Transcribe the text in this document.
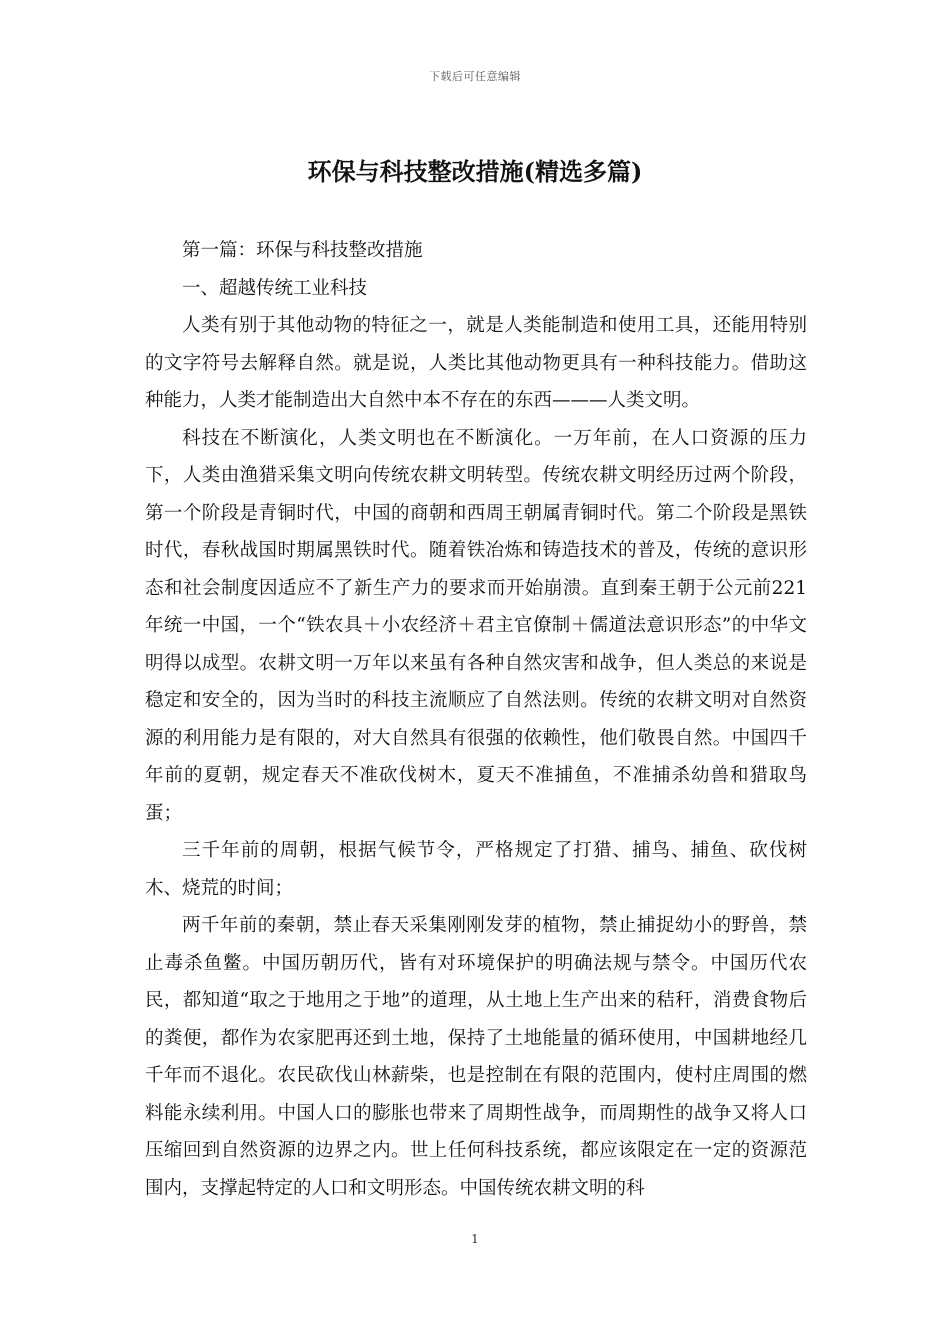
下载后可任意编辑
环保与科技整改措施(精选多篇)

第一篇：环保与科技整改措施

一、超越传统工业科技

人类有别于其他动物的特征之一，就是人类能制造和使用工具，还能用特别的文字符号去解释自然。就是说，人类比其他动物更具有一种科技能力。借助这种能力，人类才能制造出大自然中本不存在的东西———人类文明。

科技在不断演化，人类文明也在不断演化。一万年前，在人口资源的压力下，人类由渔猎采集文明向传统农耕文明转型。传统农耕文明经历过两个阶段，第一个阶段是青铜时代，中国的商朝和西周王朝属青铜时代。第二个阶段是黑铁时代，春秋战国时期属黑铁时代。随着铁冶炼和铸造技术的普及，传统的意识形态和社会制度因适应不了新生产力的要求而开始崩溃。直到秦王朝于公元前221年统一中国，一个“铁农具＋小农经济＋君主官僚制＋儒道法意识形态”的中华文明得以成型。农耕文明一万年以来虽有各种自然灾害和战争，但人类总的来说是稳定和安全的，因为当时的科技主流顺应了自然法则。传统的农耕文明对自然资源的利用能力是有限的，对大自然具有很强的依赖性，他们敬畏自然。中国四千年前的夏朝，规定春天不准砍伐树木，夏天不准捕鱼，不准捕杀幼兽和猎取鸟蛋；

三千年前的周朝，根据气候节令，严格规定了打猎、捕鸟、捕鱼、砍伐树木、烧荒的时间；

两千年前的秦朝，禁止春天采集刚刚发芽的植物，禁止捕捉幼小的野兽，禁止毒杀鱼鳖。中国历朝历代，皆有对环境保护的明确法规与禁令。中国历代农民，都知道“取之于地用之于地”的道理，从土地上生产出来的秸秆，消费食物后的粪便，都作为农家肥再还到土地，保持了土地能量的循环使用，中国耕地经几千年而不退化。农民砍伐山林薪柴，也是控制在有限的范围内，使村庄周围的燃料能永续利用。中国人口的膨胀也带来了周期性战争，而周期性的战争又将人口压缩回到自然资源的边界之内。世上任何科技系统，都应该限定在一定的资源范围内，支撑起特定的人口和文明形态。中国传统农耕文明的科

1
